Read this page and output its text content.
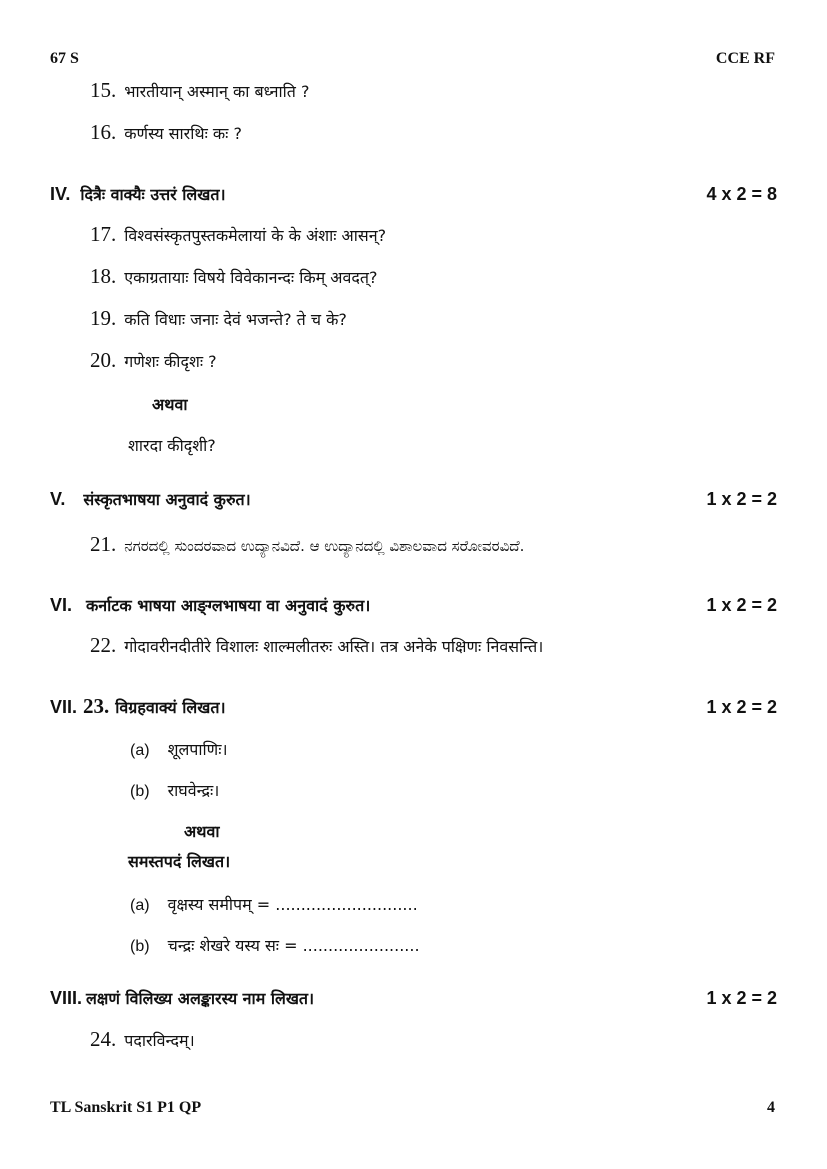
67 S	CCE RF
15. भारतीयान् अस्मान् का बध्नाति ?
16. कर्णस्य सारथिः कः ?
IV. दित्रैः वाक्यैः उत्तरं लिखत।	4 x 2 = 8
17. विश्वसंस्कृतपुस्तकमेलायां के के अंशाः आसन्?
18. एकाग्रतायाः विषये विवेकानन्दः किम् अवदत्?
19. कति विधाः जनाः देवं भजन्ते? ते च के?
20. गणेशः कीदृशः ?
अथवा
शारदा कीदृशी?
V. संस्कृतभाषया अनुवादं कुरुत।	1 x 2 = 2
21. ನಗರದಲ್ಲಿ ಸುಂದರವಾದ ಉದ್ಯಾನವಿದೆ. ಆ ಉದ್ಯಾನದಲ್ಲಿ ವಿಶಾಲವಾದ ಸರೋವರವಿದೆ.
VI. कर्नाटक भाषया आङ्ग्लभाषया वा अनुवादं कुरुत।	1 x 2 = 2
22. गोदावरीनदीतीरे विशालः शाल्मलीतरुः अस्ति। तत्र अनेके पक्षिणः निवसन्ति।
VII. 23. विग्रहवाक्यं लिखत।	1 x 2 = 2
(a) शूलपाणिः।
(b) राघवेन्द्रः।
अथवा
समस्तपदं लिखत।
(a) वृक्षस्य समीपम् = ............................
(b) चन्द्रः शेखरे यस्य सः = .......................
VIII. लक्षणं विलिख्य अलङ्कारस्य नाम लिखत।	1 x 2 = 2
24. पदारविन्दम्।
TL Sanskrit S1 P1 QP	4
